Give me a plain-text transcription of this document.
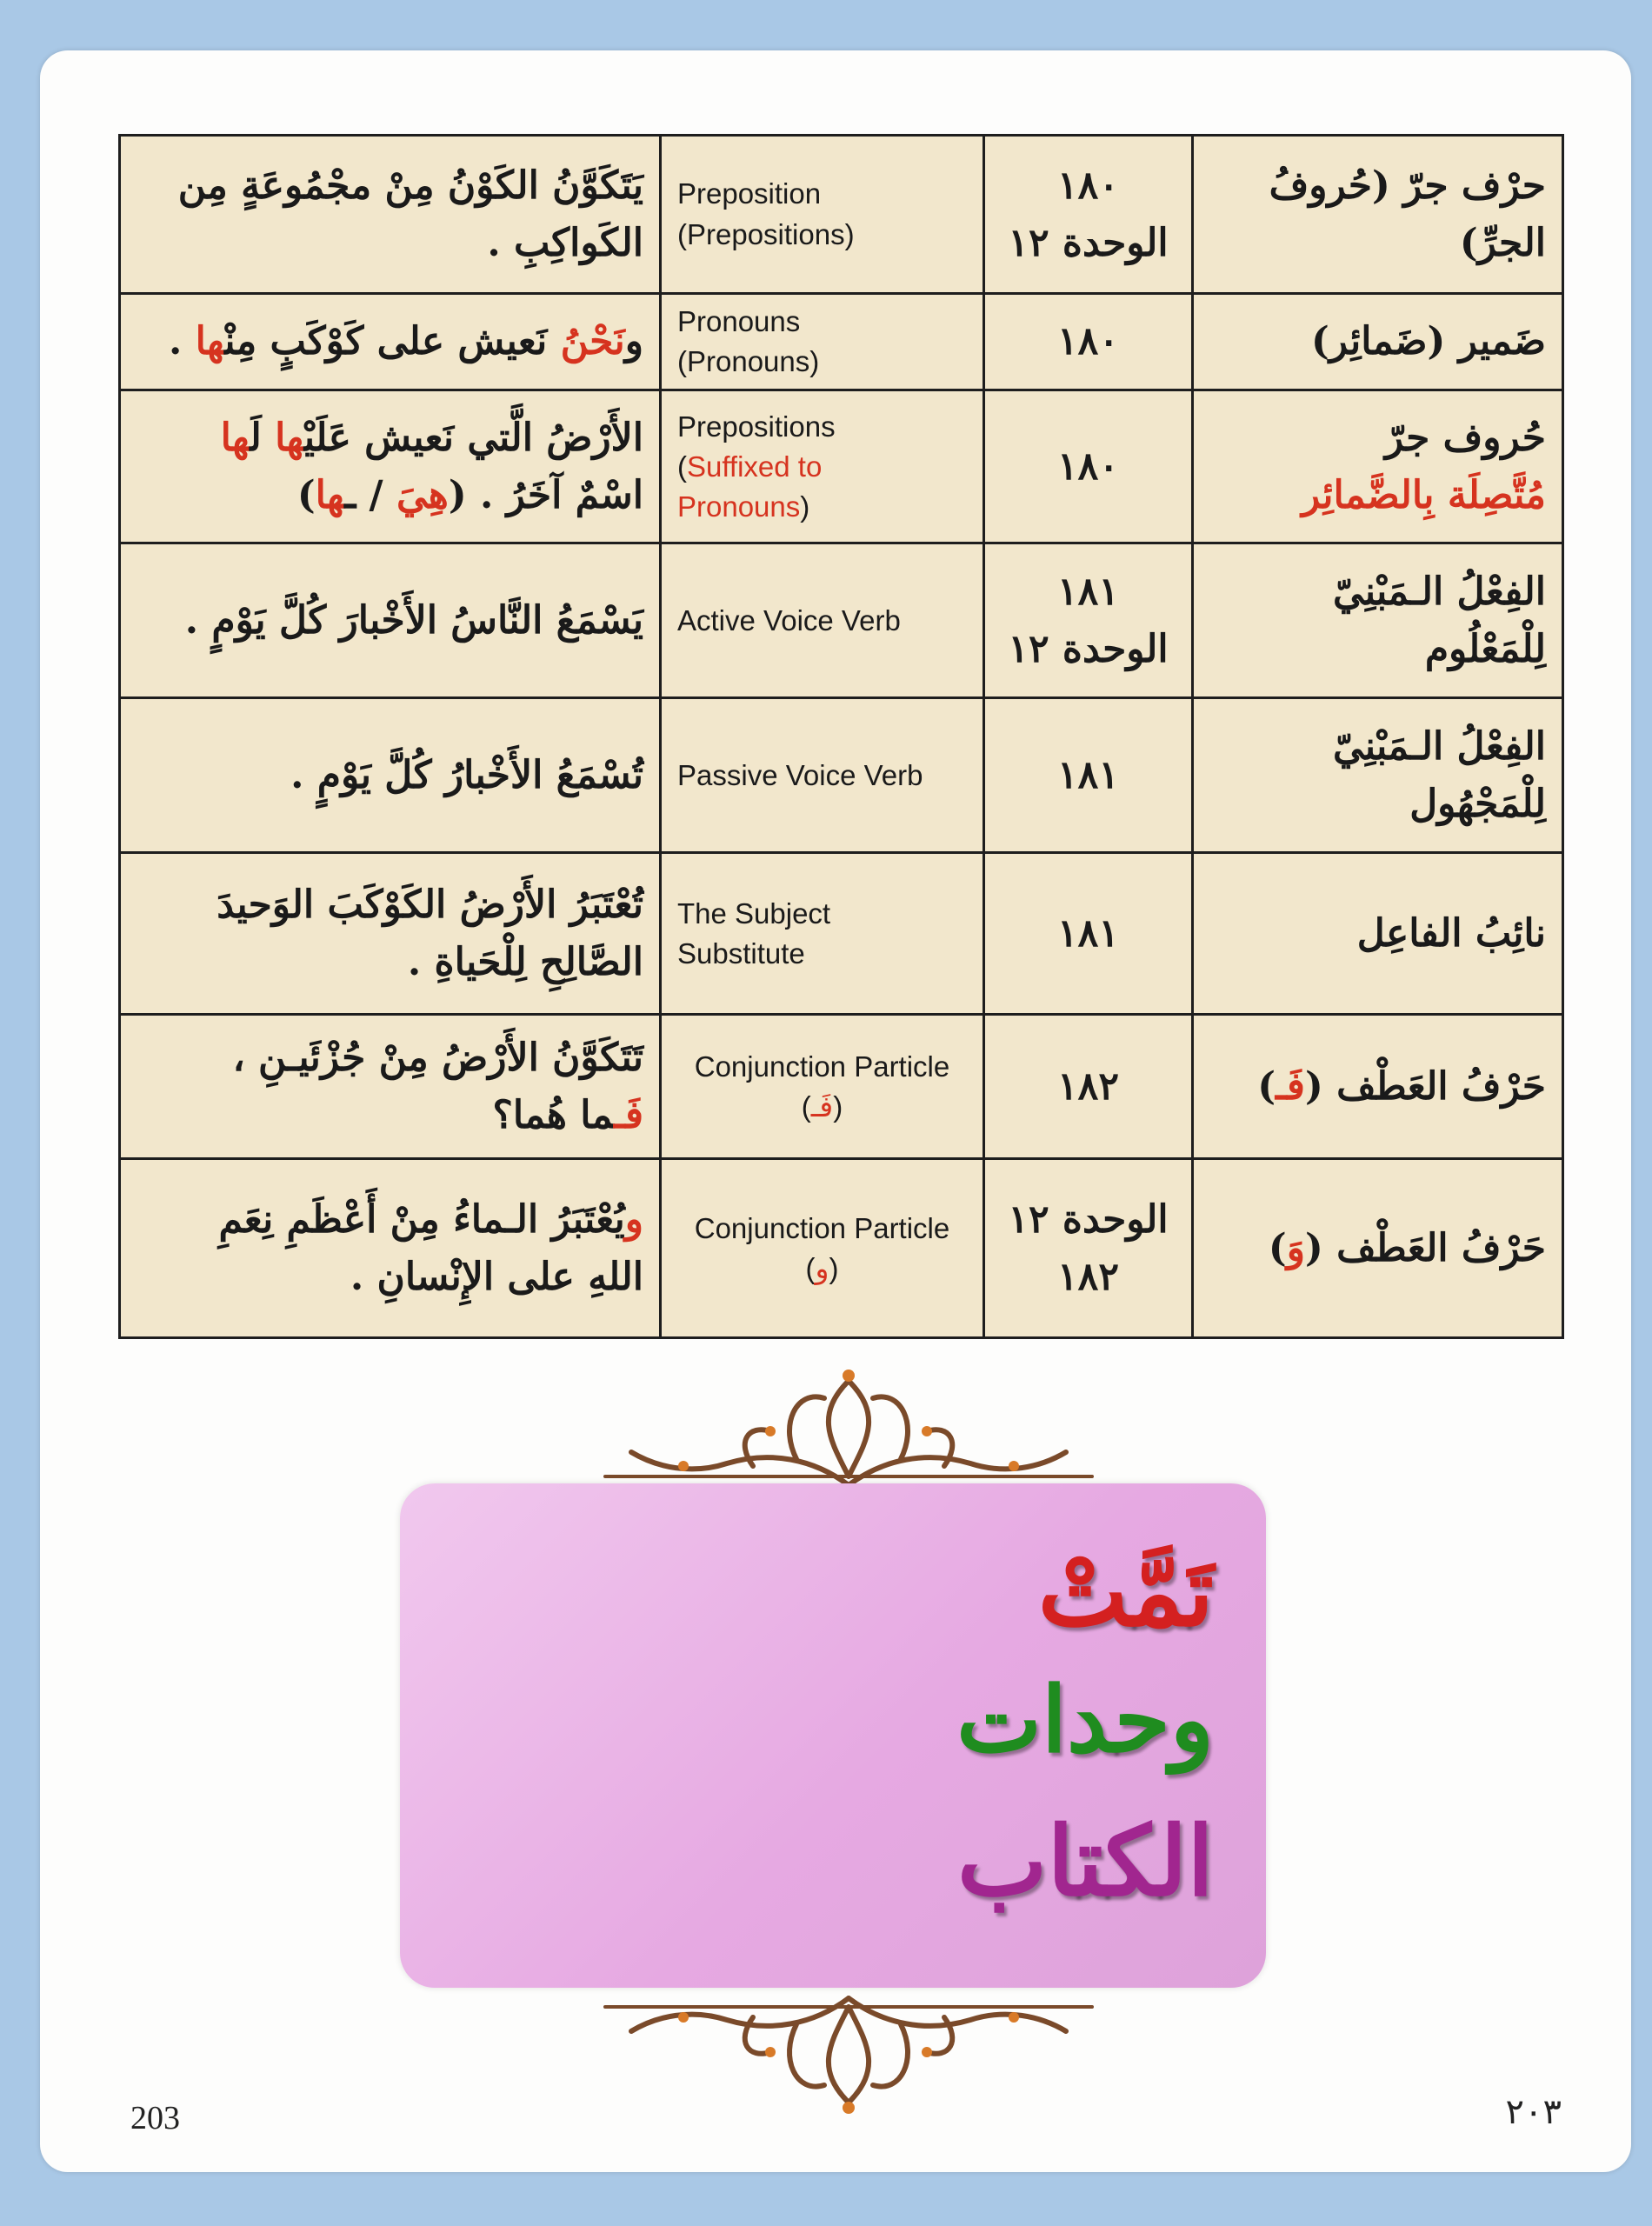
يَتَكَوَّنُ الكَوْنُ مِنْ مجْمُوعَةٍ مِن
الكَواكِبِ .	Preposition
(Prepositions)	١٨٠
الوحدة ١٢	حرْف جرّ (حُروفُ
الجرِّ)

ونَحْنُ نَعيش على كَوْكَبٍ مِنْها .	Pronouns
(Pronouns)	١٨٠	ضَمير (ضَمائِر)

الأَرْضُ الَّتي نَعيش عَلَيْها لَها
اسْمٌ آخَرُ . (هِيَ / ـها)	Prepositions
(Suffixed to
Pronouns)	١٨٠	حُروف جرّ
مُتَّصِلَة بِالضَّمائِر

يَسْمَعُ النَّاسُ الأَخْبارَ كُلَّ يَوْمٍ .	Active Voice Verb	١٨١
الوحدة ١٢	الفِعْلُ الـمَبْنِيّ
لِلْمَعْلُوم

تُسْمَعُ الأَخْبارُ كُلَّ يَوْمٍ .	Passive Voice Verb	١٨١	الفِعْلُ الـمَبْنِيّ
لِلْمَجْهُول

تُعْتَبَرُ الأَرْضُ الكَوْكَبَ الوَحيدَ
الصَّالِحِ لِلْحَياةِ .	The Subject
Substitute	١٨١	نائِبُ الفاعِل

تَتَكَوَّنُ الأَرْضُ مِنْ جُزْئَيـنِ ،
فَـما هُما؟	Conjunction Particle
(فَـ)	١٨٢	حَرْفُ العَطْف (فَـ)

ويُعْتَبَرُ الـماءُ مِنْ أَعْظَمِ نِعَمِ
اللهِ على الإِنْسانِ .	Conjunction Particle
(و)	الوحدة ١٢
١٨٢	حَرْفُ العَطْف (وَ)
تَمَّتْ
وحدات
الكتاب
203	٢٠٣
